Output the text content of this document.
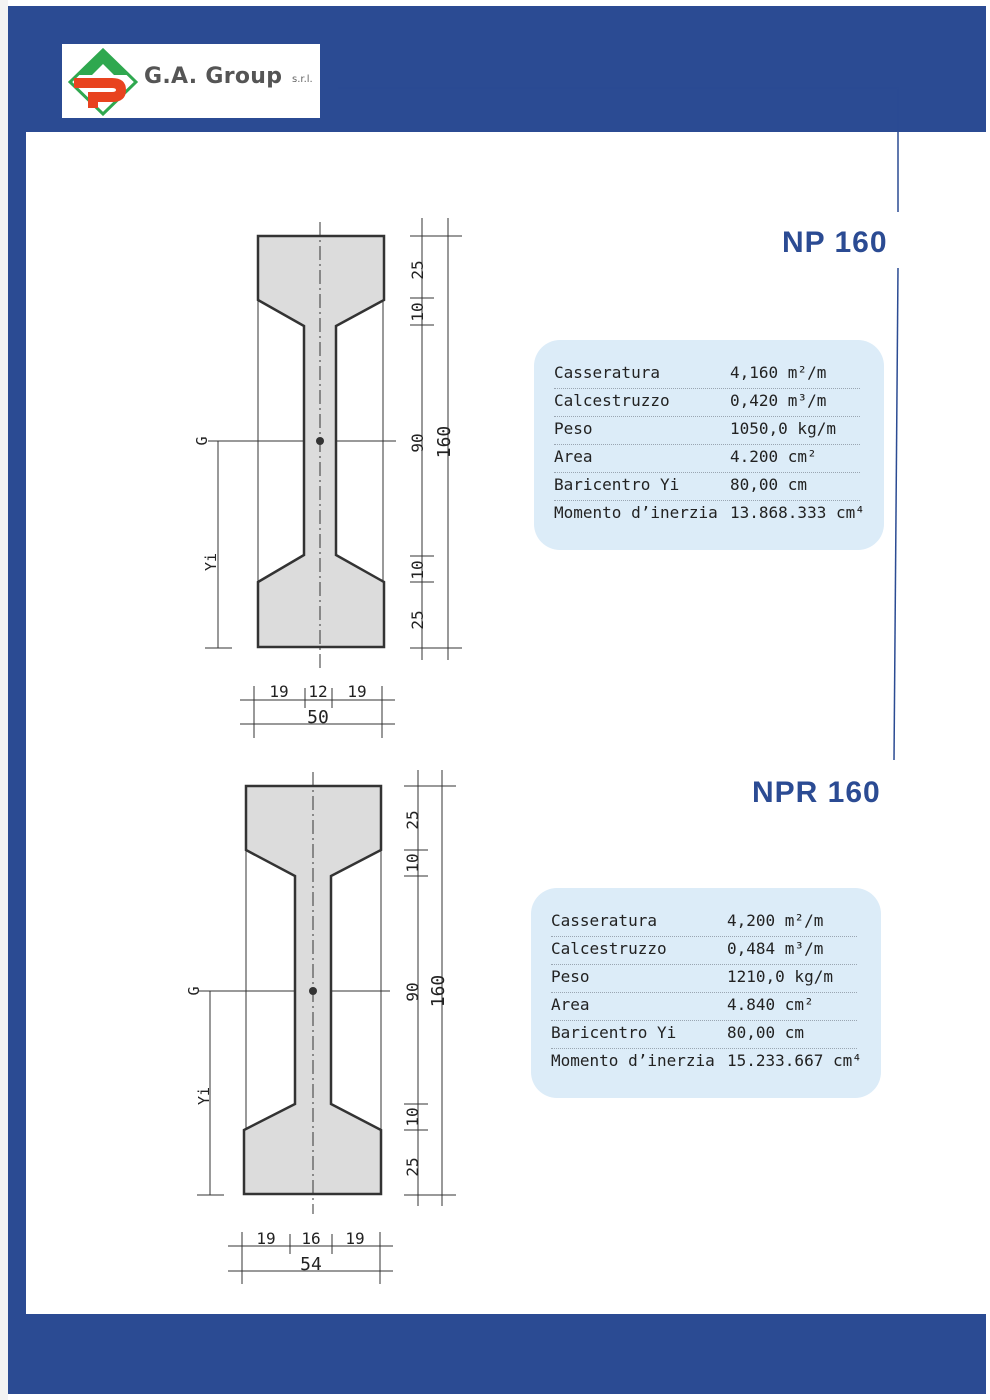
G.A. Group s.r.l.
NP 160
NPR 160
Casseratura	4,160 m²/m
Calcestruzzo	0,420 m³/m
Peso	1050,0 kg/m
Area	4.200 cm²
Baricentro Yi	80,00 cm
Momento d’inerzia 13.868.333 cm⁴
Casseratura	4,200 m²/m
Calcestruzzo	0,484 m³/m
Peso	1210,0 kg/m
Area	4.840 cm²
Baricentro Yi	80,00 cm
Momento d’inerzia 15.233.667 cm⁴
G
Yi
25
10
90
10
25
160
19 12 19
50
G
Yi
25
10
90
10
25
160
19 16 19
54
